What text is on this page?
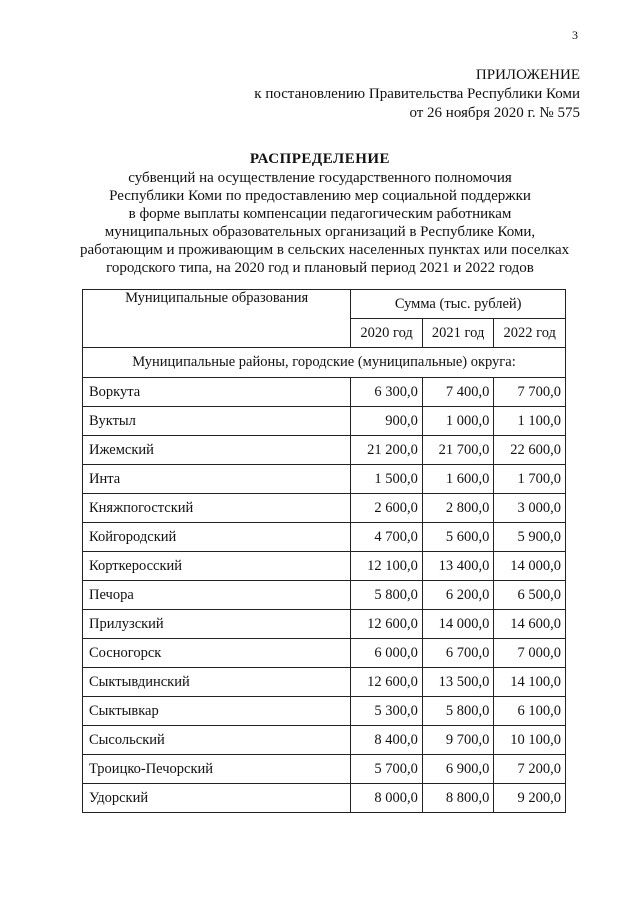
3
ПРИЛОЖЕНИЕ
к постановлению Правительства Республики Коми
от 26 ноября 2020 г. № 575
РАСПРЕДЕЛЕНИЕ
субвенций на осуществление государственного полномочия
Республики Коми по предоставлению мер социальной поддержки
в форме выплаты компенсации педагогическим работникам
муниципальных образовательных организаций в Республике Коми,
работающим и проживающим в сельских населенных пунктах или поселках
городского типа, на 2020 год и плановый период 2021 и 2022 годов
Муниципальные образования	Сумма (тыс. рублей)		
	2020 год	2021 год	2022 год
Муниципальные районы, городские (муниципальные) округа:			
Воркута	6 300,0	7 400,0	7 700,0
Вуктыл	900,0	1 000,0	1 100,0
Ижемский	21 200,0	21 700,0	22 600,0
Инта	1 500,0	1 600,0	1 700,0
Княжпогостский	2 600,0	2 800,0	3 000,0
Койгородский	4 700,0	5 600,0	5 900,0
Корткеросский	12 100,0	13 400,0	14 000,0
Печора	5 800,0	6 200,0	6 500,0
Прилузский	12 600,0	14 000,0	14 600,0
Сосногорск	6 000,0	6 700,0	7 000,0
Сыктывдинский	12 600,0	13 500,0	14 100,0
Сыктывкар	5 300,0	5 800,0	6 100,0
Сысольский	8 400,0	9 700,0	10 100,0
Троицко-Печорский	5 700,0	6 900,0	7 200,0
Удорский	8 000,0	8 800,0	9 200,0
